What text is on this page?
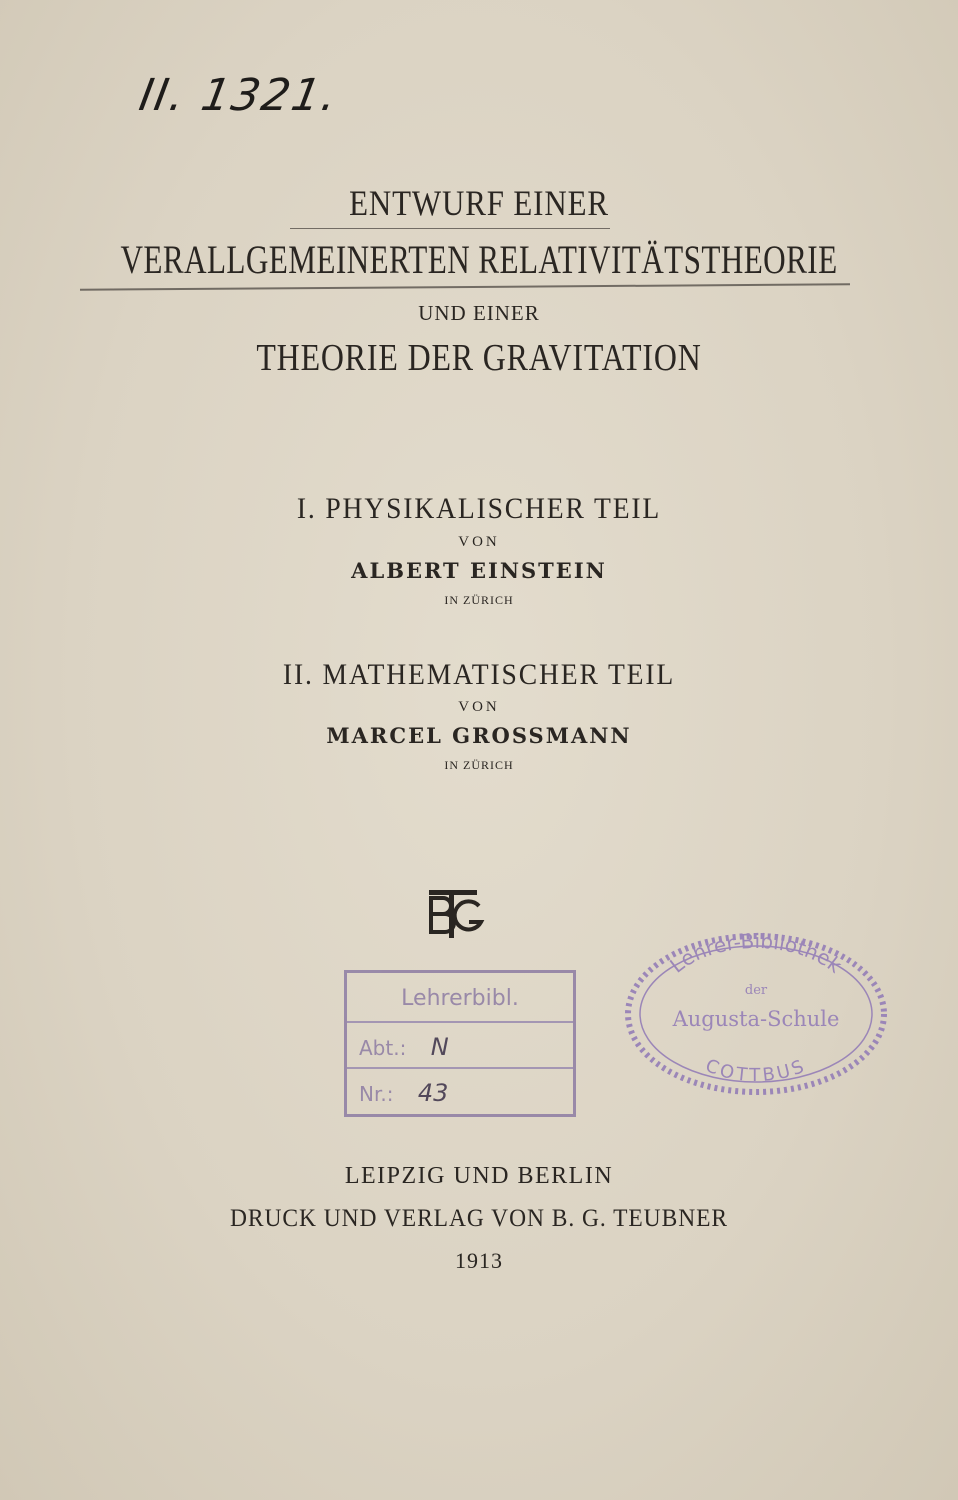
II. 1321.
ENTWURF EINER
VERALLGEMEINERTEN RELATIVITÄTSTHEORIE
UND EINER
THEORIE DER GRAVITATION
I. PHYSIKALISCHER TEIL
VON
ALBERT EINSTEIN
IN ZÜRICH
II. MATHEMATISCHER TEIL
VON
MARCEL GROSSMANN
IN ZÜRICH
Lehrerbibl.
Abt.: N
Nr.: 43
Lehrer-Bibliothek
der
Augusta-Schule
COTTBUS
LEIPZIG UND BERLIN
DRUCK UND VERLAG VON B. G. TEUBNER
1913
